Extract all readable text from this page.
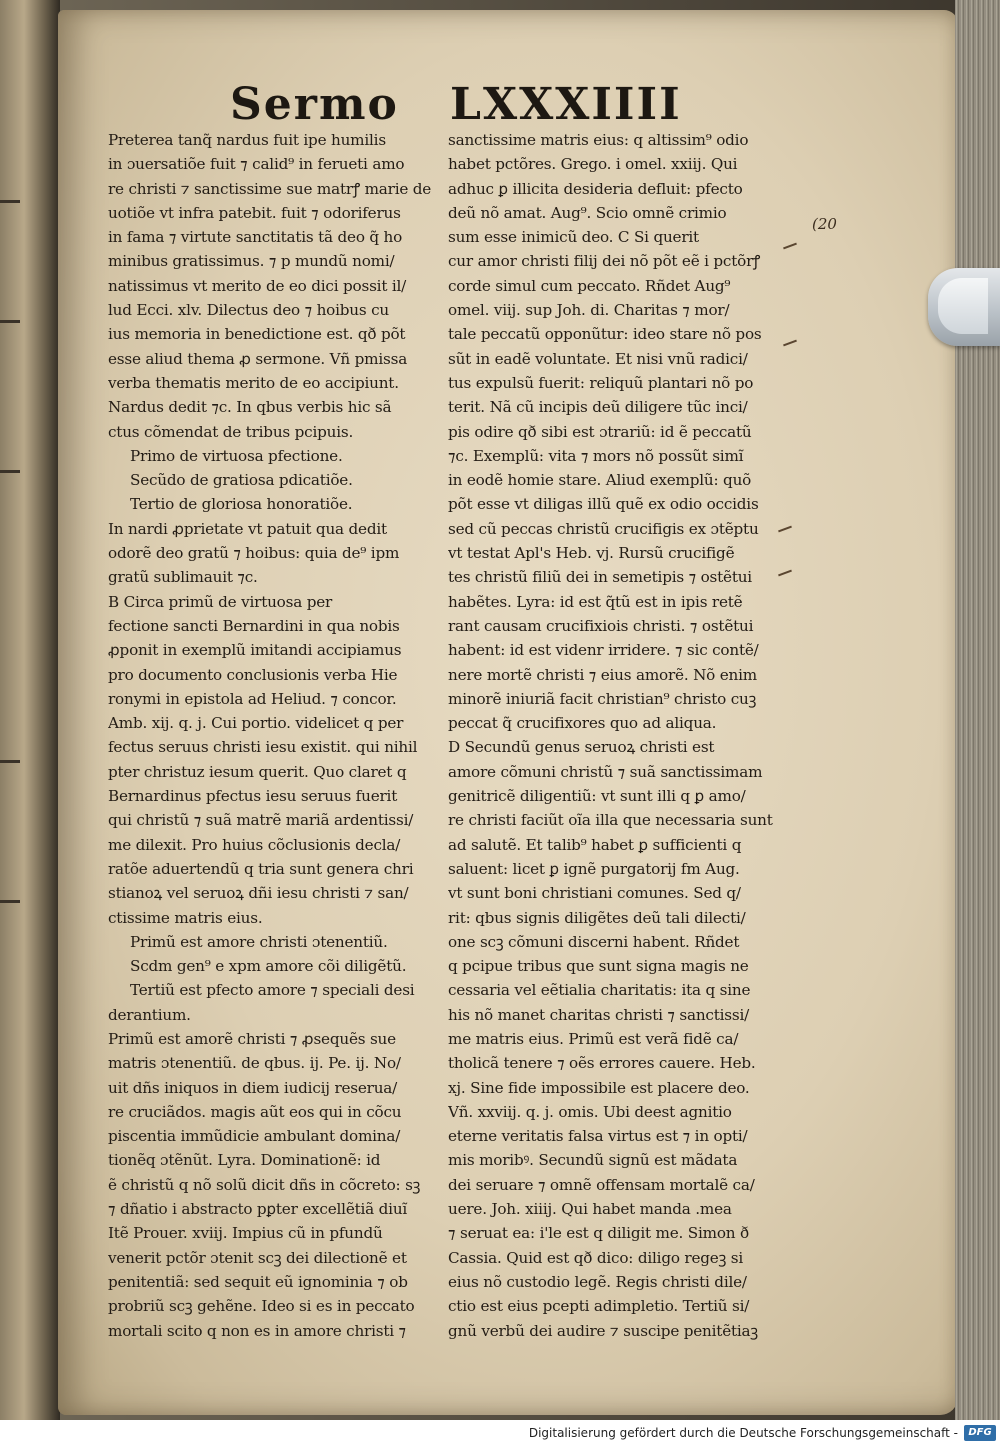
Sermo LXXXIIII
Preterea tanq̃ nardus fuit ipe humilis
in ɔuersatiõe fuit ⁊ calid⁹ in ferueti amo
re christi ⁊ sanctissime sue matrꝭ marie de
uotiõe vt infra patebit. fuit ⁊ odoriferus
in fama ⁊ virtute sanctitatis tã deo q̃ ho
minibus gratissimus. ⁊ p mundũ nomi/
natissimus vt merito de eo dici possit il/
lud Ecci. xlv. Dilectus deo ⁊ hoibus cu
ius memoria in benedictione est. qð põt
esse aliud thema ꝓ sermone. Vñ pmissa
verba thematis merito de eo accipiunt.
Nardus dedit ⁊c. In qbus verbis hic sã
ctus cõmendat de tribus pcipuis.
Primo de virtuosa pfectione.
Secũdo de gratiosa pdicatiõe.
Tertio de gloriosa honoratiõe.
In nardi ꝓprietate vt patuit qua dedit
odorẽ deo gratũ ⁊ hoibus: quia de⁹ ipm
gratũ sublimauit ⁊c.
B Circa primũ de virtuosa per
fectione sancti Bernardini in qua nobis
ꝓponit in exemplũ imitandi accipiamus
pro documento conclusionis verba Hie
ronymi in epistola ad Heliud. ⁊ concor.
Amb. xij. q. j. Cui portio. videlicet q per
fectus seruus christi iesu existit. qui nihil
pter christuz iesum querit. Quo claret q
Bernardinus pfectus iesu seruus fuerit
qui christũ ⁊ suã matrẽ mariã ardentissi/
me dilexit. Pro huius cõclusionis decla/
ratõe aduertendũ q tria sunt genera chri
stianoꝝ vel seruoꝝ dñi iesu christi ⁊ san/
ctissime matris eius.
Primũ est amore christi ɔtenentiũ.
Scdm gen⁹ e xpm amore cõi diligẽtũ.
Tertiũ est pfecto amore ⁊ speciali desi
derantium.
Primũ est amorẽ christi ⁊ ꝓsequẽs sue
matris ɔtenentiũ. de qbus. ij. Pe. ij. No/
uit dñs iniquos in diem iudicij reserua/
re cruciãdos. magis aũt eos qui in cõcu
piscentia immũdicie ambulant domina/
tionẽq ɔtẽnũt. Lyra. Dominationẽ: id
ẽ christũ q nõ solũ dicit dñs in cõcreto: sꝫ
⁊ dñatio i abstracto pꝑter excellẽtiã diuĩ
Itẽ Prouer. xviij. Impius cũ in pfundũ
venerit pctõr ɔtenit scꝫ dei dilectionẽ et
penitentiã: sed sequit eũ ignominia ⁊ ob
probriũ scꝫ gehẽne. Ideo si es in peccato
mortali scito q non es in amore christi ⁊
sanctissime matris eius: q altissim⁹ odio
habet pctõres. Grego. i omel. xxiij. Qui
adhuc ꝑ illicita desideria defluit: pfecto
deũ nõ amat. Aug⁹. Scio omnẽ crimio
sum esse inimicũ deo. C Si querit
cur amor christi filij dei nõ põt eẽ i pctõrꝭ
corde simul cum peccato. Rñdet Aug⁹
omel. viij. sup Joh. di. Charitas ⁊ mor/
tale peccatũ opponũtur: ideo stare nõ pos
sũt in eadẽ voluntate. Et nisi vnũ radici/
tus expulsũ fuerit: reliquũ plantari nõ po
terit. Nã cũ incipis deũ diligere tũc inci/
pis odire qð sibi est ɔtrariũ: id ẽ peccatũ
⁊c. Exemplũ: vita ⁊ mors nõ possũt simĩ
in eodẽ homie stare. Aliud exemplũ: quõ
põt esse vt diligas illũ quẽ ex odio occidis
sed cũ peccas christũ crucifigis ex ɔtẽptu
vt testat Apl's Heb. vj. Rursũ crucifigẽ
tes christũ filiũ dei in semetipis ⁊ ostẽtui
habẽtes. Lyra: id est q̃tũ est in ipis retẽ
rant causam crucifixiois christi. ⁊ ostẽtui
habent: id est videnr irridere. ⁊ sic contẽ/
nere mortẽ christi ⁊ eius amorẽ. Nõ enim
minorẽ iniuriã facit christian⁹ christo cuꝫ
peccat q̃ crucifixores quo ad aliqua.
D Secundũ genus seruoꝝ christi est
amore cõmuni christũ ⁊ suã sanctissimam
genitricẽ diligentiũ: vt sunt illi q ꝑ amo/
re christi faciũt oĩa illa que necessaria sunt
ad salutẽ. Et talib⁹ habet ꝑ sufficienti q
saluent: licet ꝑ ignẽ purgatorij fm Aug.
vt sunt boni christiani comunes. Sed q/
rit: qbus signis diligẽtes deũ tali dilecti/
one scꝫ cõmuni discerni habent. Rñdet
q pcipue tribus que sunt signa magis ne
cessaria vel eẽtialia charitatis: ita q sine
his nõ manet charitas christi ⁊ sanctissi/
me matris eius. Primũ est verã fidẽ ca/
tholicã tenere ⁊ oẽs errores cauere. Heb.
xj. Sine fide impossibile est placere deo.
Vñ. xxviij. q. j. omis. Ubi deest agnitio
eterne veritatis falsa virtus est ⁊ in opti/
mis moribꝰ. Secundũ signũ est mãdata
dei seruare ⁊ omnẽ offensam mortalẽ ca/
uere. Joh. xiiij. Qui habet manda .mea
⁊ seruat ea: i'le est q diligit me. Simon ð
Cassia. Quid est qð dico: diligo regeꝫ si
eius nõ custodio legẽ. Regis christi dile/
ctio est eius pcepti adimpletio. Tertiũ si/
gnũ verbũ dei audire ⁊ suscipe penitẽtiaꝫ
(20
Digitalisierung gefördert durch die Deutsche Forschungsgemeinschaft -	DFG
